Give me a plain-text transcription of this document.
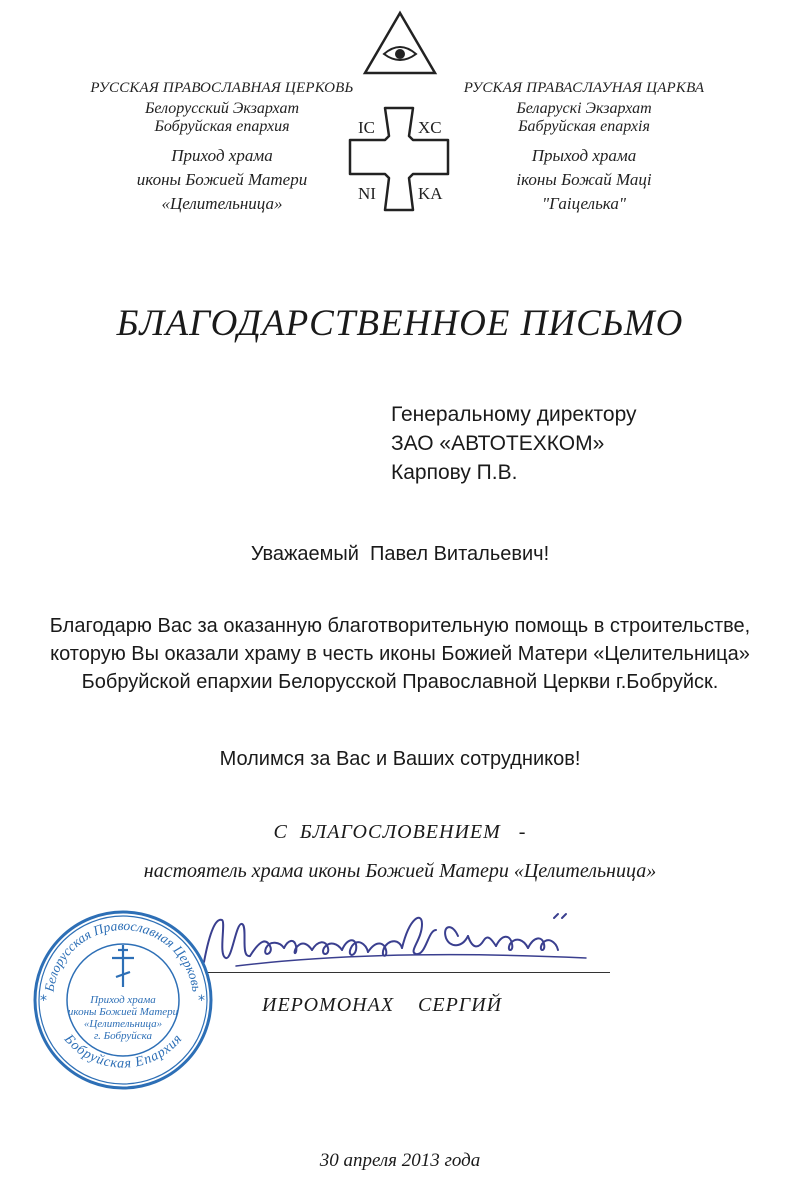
РУССКАЯ ПРАВОСЛАВНАЯ ЦЕРКОВЬ
Белорусский Экзархат
Бобруйская епархия
Приход храма
иконы Божией Матери
«Целительница»
IC	XC
NI KA
РУСКАЯ ПРАВАСЛАУНАЯ ЦАРКВА
Беларускі Экзархат
Бабруйская епархія
Прыход храма
іконы Божай Маці
"Гаіцелька"
БЛАГОДАРСТВЕННОЕ ПИСЬМО
Генеральному директору
ЗАО «АВТОТЕХКОМ»
Карпову П.В.
Уважаемый  Павел Витальевич!
Благодарю Вас за оказанную благотворительную помощь в строительстве,
которую Вы оказали храму в честь иконы Божией Матери «Целительница»
Бобруйской епархии Белорусской Православной Церкви г.Бобруйск.
Молимся за Вас и Ваших сотрудников!
С  БЛАГОСЛОВЕНИЕМ   -
настоятель храма иконы Божией Матери «Целительница»
ИЕРОМОНАХ    СЕРГИЙ
Белорусская Православная Церковь
Бобруйская Епархия
*	*
Приход храма
иконы Божией Матери
«Целительница»
г. Бобруйска
30 апреля 2013 года
